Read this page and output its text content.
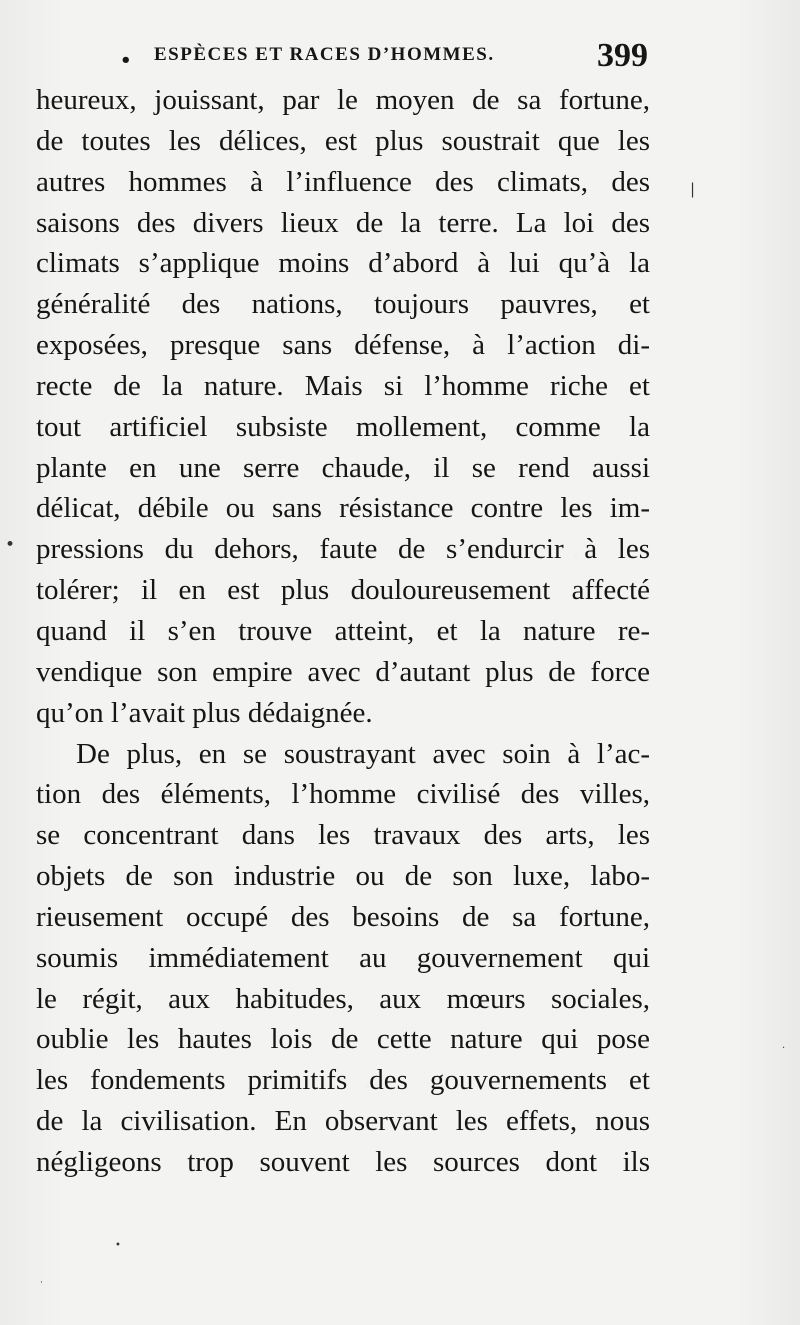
• ESPÈCES ET RACES D’HOMMES.	399
heureux, jouissant, par le moyen de sa fortune,
de toutes les délices, est plus soustrait que les
autres hommes à l’influence des climats, des
saisons des divers lieux de la terre. La loi des
climats s’applique moins d’abord à lui qu’à la
généralité des nations, toujours pauvres, et
exposées, presque sans défense, à l’action di-
recte de la nature. Mais si l’homme riche et
tout artificiel subsiste mollement, comme la
plante en une serre chaude, il se rend aussi
délicat, débile ou sans résistance contre les im-
pressions du dehors, faute de s’endurcir à les
tolérer; il en est plus douloureusement affecté
quand il s’en trouve atteint, et la nature re-
vendique son empire avec d’autant plus de force
qu’on l’avait plus dédaignée.
De plus, en se soustrayant avec soin à l’ac-
tion des éléments, l’homme civilisé des villes,
se concentrant dans les travaux des arts, les
objets de son industrie ou de son luxe, labo-
rieusement occupé des besoins de sa fortune,
soumis immédiatement au gouvernement qui
le régit, aux habitudes, aux mœurs sociales,
oublie les hautes lois de cette nature qui pose
les fondements primitifs des gouvernements et
de la civilisation. En observant les effets, nous
négligeons trop souvent les sources dont ils
|
•
.
•
·
